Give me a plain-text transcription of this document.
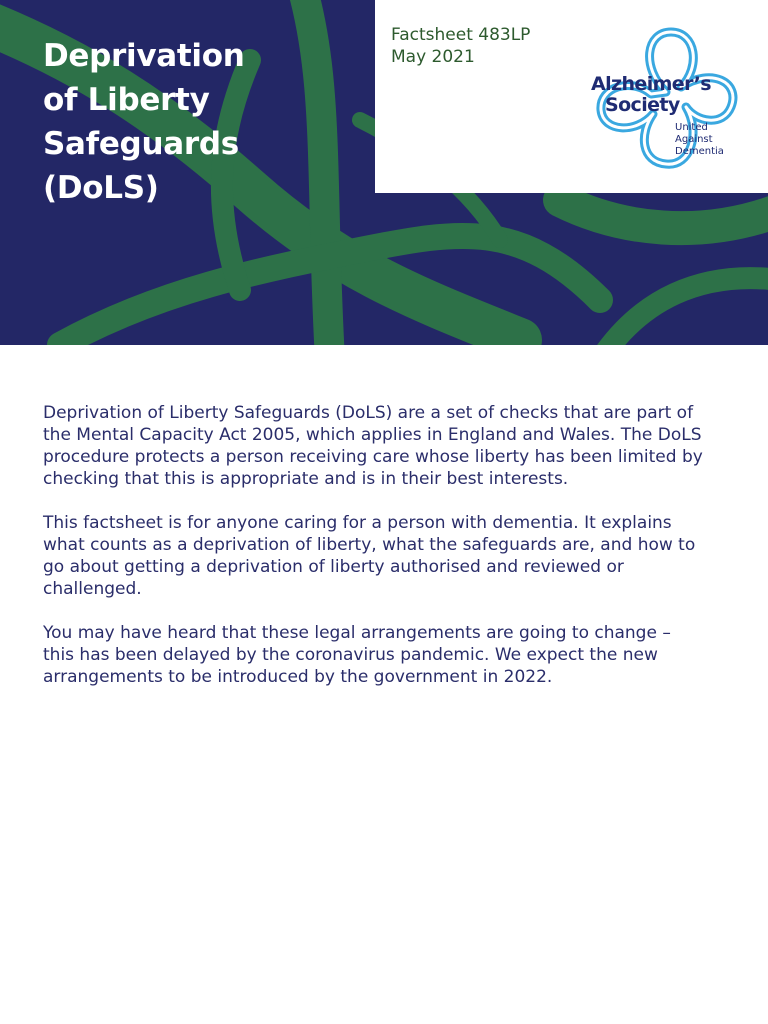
Deprivation
of Liberty
Safeguards
(DoLS)
Factsheet 483LP
May 2021
Alzheimer’s
Society
United
Against
Dementia

Deprivation of Liberty Safeguards (DoLS) are a set of checks that are part of the Mental Capacity Act 2005, which applies in England and Wales. The DoLS procedure protects a person receiving care whose liberty has been limited by checking that this is appropriate and is in their best interests.

This factsheet is for anyone caring for a person with dementia. It explains what counts as a deprivation of liberty, what the safeguards are, and how to go about getting a deprivation of liberty authorised and reviewed or challenged.

You may have heard that these legal arrangements are going to change – this has been delayed by the coronavirus pandemic. We expect the new arrangements to be introduced by the government in 2022.
